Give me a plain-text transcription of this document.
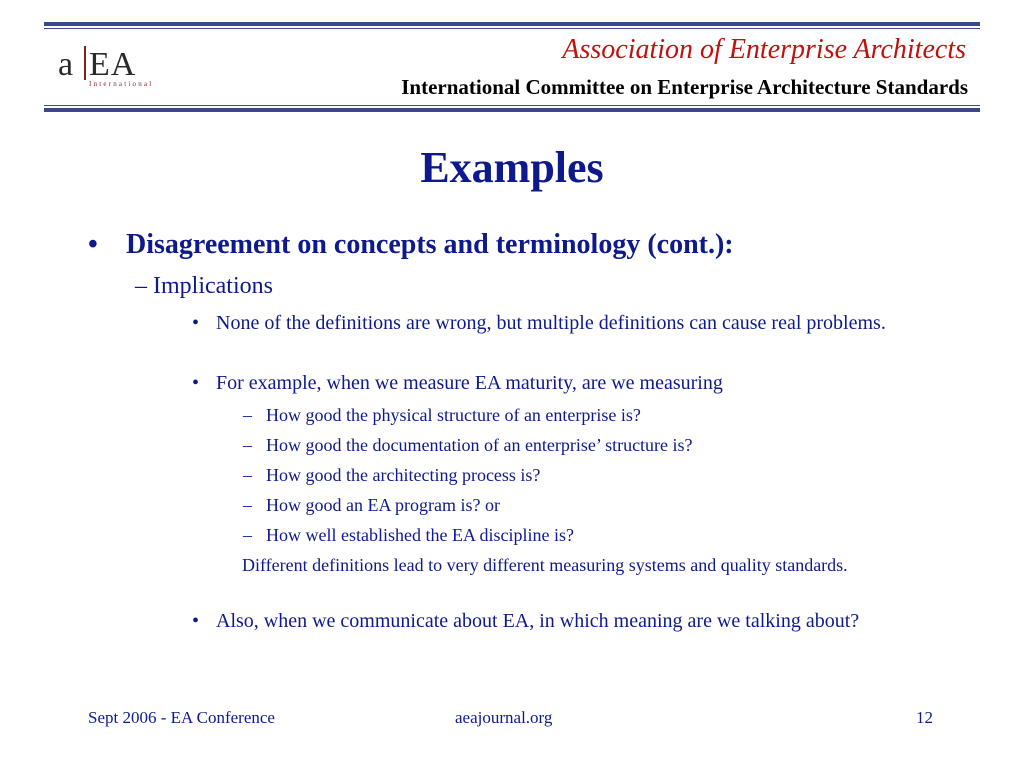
a EA
International
Association of Enterprise Architects
International Committee on Enterprise Architecture Standards
Examples
• Disagreement on concepts and terminology (cont.):
– Implications
• None of the definitions are wrong, but multiple definitions can cause real problems.
• For example, when we measure EA maturity, are we measuring
– How good the physical structure of an enterprise is?
– How good the documentation of an enterprise’ structure is?
– How good the architecting process is?
– How good an EA program is? or
– How well established the EA discipline is?
Different definitions lead to very different measuring systems and quality standards.
• Also, when we communicate about EA, in which meaning are we talking about?
Sept 2006 - EA Conference	aeajournal.org	12
